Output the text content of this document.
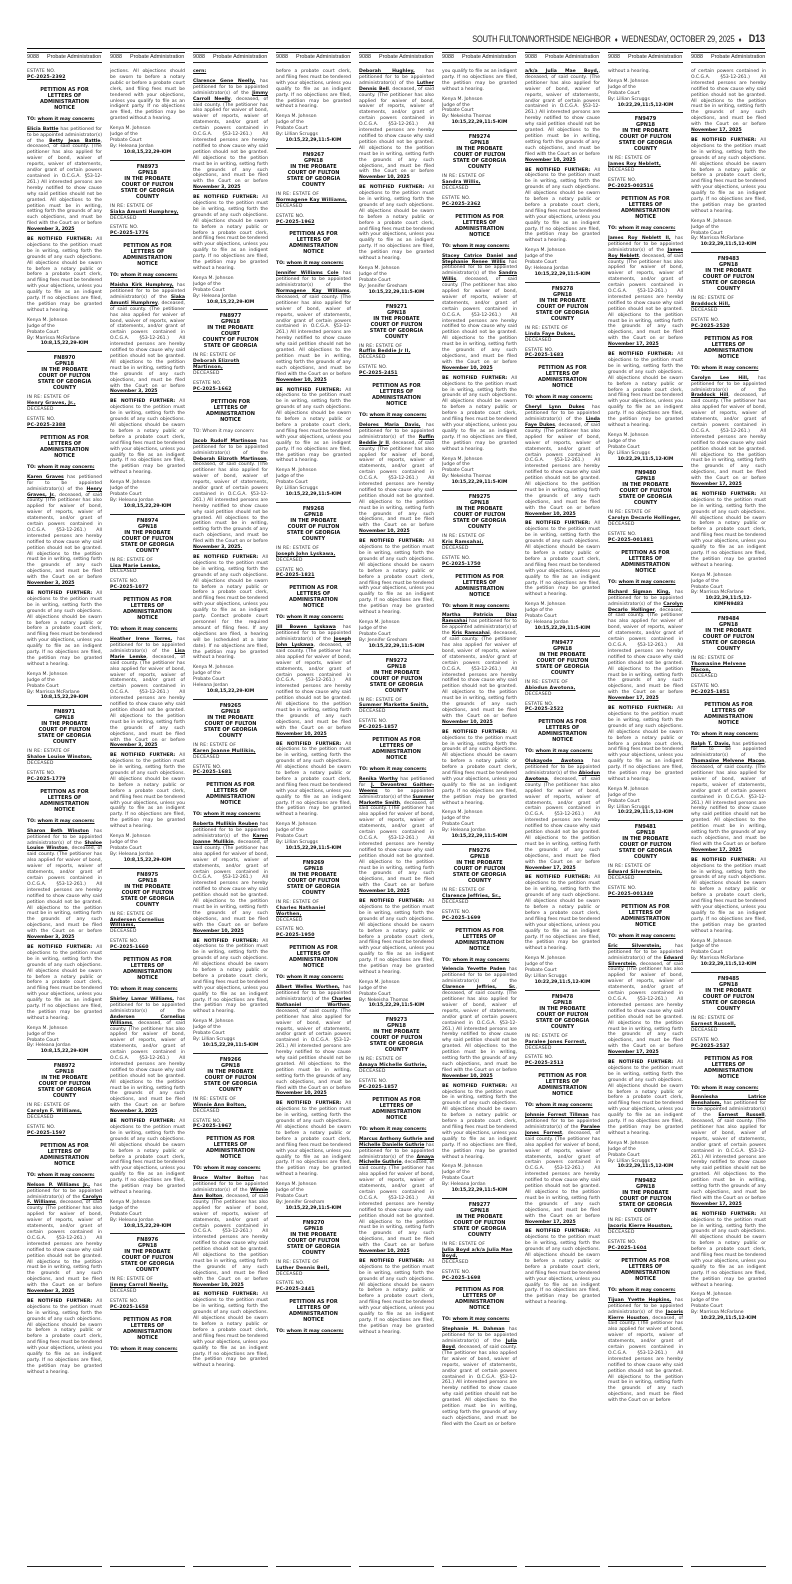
SOUTH FULTON/NORTHSIDE NEIGHBOR ♦ WEDNESDAY, OCTOBER 29, 2025 ♦ D13
9088 Probate Administration
ESTATE NO.
PC-2025-2392
PETITION AS FOR
LETTERS OF
ADMINISTRATION
NOTICE

TO: whom it may concern:

Elicia Battle has petitioned for to be appointed administrator(s) of the Betty Jean Battle, deceased, of said county. (The petitioner has also applied for waiver of bond, waiver of reports, waiver of statements, and/or grant of certain powers contained in O.C.G.A. §53-12-261.) All interested persons are hereby notified to show cause why said petition should not be granted. All objections to the petition must be in writing, setting forth the grounds of any such objections, and must be filed with the Court on or before November 3, 2025

BE NOTIFIED FURTHER: All objections to the petition must be in writing, setting forth the grounds of any such objections. All objections should be sworn to before a notary public or before a probate court clerk, and filing fees must be tendered with your objections, unless you qualify to file as an indigent party. If no objections are filed, the petition may be granted without a hearing.

Kenya M. Johnson
Judge of the
Probate Court
By: Marrissa McFarlane
10:8,15,22,29-KIM
FN8970
GPN18
IN THE PROBATE
COURT OF FULTON
STATE OF GEORGIA
COUNTY
IN RE: ESTATE OF
Henry Graves, Jr.,
DECEASED
ESTATE NO.
PC-2025-2388
PETITION AS FOR
LETTERS OF
ADMINISTRATION
NOTICE

TO: whom it may concern:

Karen Graves has petitioned for to be appointed administrator(s) of the Henry Graves, Jr., deceased, of said county. (The petitioner has also applied for waiver of bond, waiver of reports, waiver of statements, and/or grant of certain powers contained in O.C.G.A. §53-12-261.) All interested persons are hereby notified to show cause why said petition should not be granted. All objections to the petition must be in writing, setting forth the grounds of any such objections, and must be filed with the Court on or before November 3, 2025

BE NOTIFIED FURTHER: All objections to the petition must be in writing, setting forth the grounds of any such objections. All objections should be sworn to before a notary public or before a probate court clerk, and filing fees must be tendered with your objections, unless you qualify to file as an indigent party. If no objections are filed, the petition may be granted without a hearing.

Kenya M. Johnson
Judge of the
Probate Court
By: Marrissa McFarlane
10:8,15,22,29-KIM
FN8971
GPN18
IN THE PROBATE
COURT OF FULTON
STATE OF GEORGIA
COUNTY
IN RE: ESTATE OF
Shaloe Louise Winston,
DECEASED
ESTATE NO.
PC-2025-1779
PETITION AS FOR
LETTERS OF
ADMINISTRATION
NOTICE

TO: whom it may concern:

Sharon Beth Winston has petitioned for to be appointed administrator(s) of the Shaloe Louise Winston, deceased, of said county. (The petitioner has also applied for waiver of bond, waiver of reports, waiver of statements, and/or grant of certain powers contained in O.C.G.A. §53-12-261.) All interested persons are hereby notified to show cause why said petition should not be granted. All objections to the petition must be in writing, setting forth the grounds of any such objections, and must be filed with the Court on or before November 3, 2025

BE NOTIFIED FURTHER: All objections to the petition must be in writing, setting forth the grounds of any such objections. All objections should be sworn to before a notary public or before a probate court clerk, and filing fees must be tendered with your objections, unless you qualify to file as an indigent party. If no objections are filed, the petition may be granted without a hearing.

Kenya M. Johnson
Judge of the
Probate Court
By: Heleana Jordan
10:8,15,22,29-KIM
FN8972
GPN18
IN THE PROBATE
COURT OF FULTON
STATE OF GEORGIA
COUNTY
IN RE: ESTATE OF
Carolyn F. Williams,
DECEASED
ESTATE NO.
PC-2025-1597
PETITION AS FOR
LETTERS OF
ADMINISTRATION
NOTICE

TO: whom it may concern:

Nelson P. Williams Jr., has petitioned for to be appointed administrator(s) of the Carolyn F. Williams, deceased, of said county. (The petitioner has also applied for waiver of bond, waiver of reports, waiver of statements, and/or grant of certain powers contained in O.C.G.A. §53-12-261.) All interested persons are hereby notified to show cause why said petition should not be granted. All objections to the petition must be in writing, setting forth the grounds of any such objections, and must be filed with the Court on or before November 3, 2025

BE NOTIFIED FURTHER: All objections to the petition must be in writing, setting forth the grounds of any such objections. All objections should be sworn to before a notary public or before a probate court clerk, and filing fees must be tendered with your objections, unless you qualify to file as an indigent party. If no objections are filed, the petition may be granted without a hearing.

9088 Probate Administration

jections. All objections should be sworn to before a notary public or before a probate court clerk, and filing fees must be tendered with your objections, unless you qualify to file as an indigent party. If no objections are filed, the petition may be granted without a hearing.

Kenya M. Johnson
Judge of the
Probate Court
By: Heleana Jordan
10:8,15,22,29-KIM
FN8973
GPN18
IN THE PROBATE
COURT OF FULTON
STATE OF GEORGIA
COUNTY
IN RE: ESTATE OF
Siaka Amunti Humphrey,
DECEASED
ESTATE NO.
PC-2025-1776
PETITION AS FOR
LETTERS OF
ADMINISTRATION
NOTICE

TO: whom it may concern:

Maisha Kirk Humphrey, has petitioned for to be appointed administrator(s) of the Siaka Amunti Humphrey, deceased, of said county. (The petitioner has also applied for waiver of bond, waiver of reports, waiver of statements, and/or grant of certain powers contained in O.C.G.A. §53-12-261.) All interested persons are hereby notified to show cause why said petition should not be granted. All objections to the petition must be in writing, setting forth the grounds of any such objections, and must be filed with the Court on or before November 3, 2025

BE NOTIFIED FURTHER: All objections to the petition must be in writing, setting forth the grounds of any such objections. All objections should be sworn to before a notary public or before a probate court clerk, and filing fees must be tendered with your objections, unless you qualify to file as an indigent party. If no objections are filed, the petition may be granted without a hearing.

Kenya M. Johnson
Judge of the
Probate Court
By: Heleana Jordan
10:8,15,22,29-KIM
FN8974
GPN18
IN THE PROBATE
COURT OF FULTON
STATE OF GEORGIA
COUNTY
IN RE: ESTATE OF
Lisa Marie Lemke,
DECEASED
ESTATE NO.
PC-2025-1077
PETITION AS FOR
LETTERS OF
ADMINISTRATION
NOTICE

TO: whom it may concern:

Heather Irene Torres, has petitioned for to be appointed administrator(s) of the Lisa Marie Lemke, deceased, of said county. (The petitioner has also applied for waiver of bond, waiver of reports, waiver of statements, and/or grant of certain powers contained in O.C.G.A. §53-12-261.) All interested persons are hereby notified to show cause why said petition should not be granted. All objections to the petition must be in writing, setting forth the grounds of any such objections, and must be filed with the Court on or before November 3, 2025

BE NOTIFIED FURTHER: All objections to the petition must be in writing, setting forth the grounds of any such objections. All objections should be sworn to before a notary public or before a probate court clerk, and filing fees must be tendered with your objections, unless you qualify to file as an indigent party. If no objections are filed, the petition may be granted without a hearing.

Kenya M. Johnson
Judge of the
Probate Court
By: Heleana Jordan
10:8,15,22,29-KIM
FN8975
GPN18
IN THE PROBATE
COURT OF FULTON
STATE OF GEORGIA
COUNTY
IN RE: ESTATE OF
Andersen Cornelius Williams,
DECEASED
ESTATE NO.
PC-2025-1660
PETITION AS FOR
LETTERS OF
ADMINISTRATION
NOTICE

TO: whom it may concern:

Shirley Lamar Williams, has petitioned for to be appointed administrator(s) of the Andersen Cornelius Williams, deceased, of said county. (The petitioner has also applied for waiver of bond, waiver of reports, waiver of statements, and/or grant of certain powers contained in O.C.G.A. §53-12-261.) All interested persons are hereby notified to show cause why said petition should not be granted. All objections to the petition must be in writing, setting forth the grounds of any such objections, and must be filed with the Court on or before November 3, 2025

BE NOTIFIED FURTHER: All objections to the petition must be in writing, setting forth the grounds of any such objections. All objections should be sworn to before a notary public or before a probate court clerk, and filing fees must be tendered with your objections, unless you qualify to file as an indigent party. If no objections are filed, the petition may be granted without a hearing.

Kenya M. Johnson
Judge of the
Probate Court
By: Heleana Jordan
10:8,15,22,29-KIM
FN8976
GPN18
IN THE PROBATE
COURT OF FULTON
STATE OF GEORGIA
COUNTY
IN RE: ESTATE OF
Jimmy Carroll Neelly,
DECEASED
ESTATE NO.
PC-2025-1658
PETITION AS FOR
LETTERS OF
ADMINISTRATION
NOTICE

TO: whom it may concern:

9088 Probate Administration

cern:

Clarence Gene Neelly, has petitioned for to be appointed administrator(s) of the Jimmy Carroll Neelly, deceased, of said county. (The petitioner has also applied for waiver of bond, waiver of reports, waiver of statements, and/or grant of certain powers contained in O.C.G.A. §53-12-261.) All interested persons are hereby notified to show cause why said petition should not be granted. All objections to the petition must be in writing, setting forth the grounds of any such objections, and must be filed with the Court on or before November 3, 2025

BE NOTIFIED FURTHER: All objections to the petition must be in writing, setting forth the grounds of any such objections. All objections should be sworn to before a notary public or before a probate court clerk, and filing fees must be tendered with your objections, unless you qualify to file as an indigent party. If no objections are filed, the petition may be granted without a hearing.

Kenya M. Johnson
Judge of the
Probate Court
By: Heleana Jordan
10:8,15,22,29-KIM
FN8977
GPN18
IN THE PROBATE
COURT
COUNTY OF FULTON
STATE OF GEORGIA
IN RE: ESTATE OF
Deborah Elizroth Martinson,
DECEASED
ESTATE NO.
PC-2025-1662
PETITION FOR
LETTERS OF
ADMINISTRATION
NOTICE

TO: Whom it may concern:

Jacob Rudolf Martinson has petitioned for to be appointed administrator(s) of the Deborah Elizroth Martinson, deceased, of said county. (The petitioner has also applied for waiver of bond, waiver of reports, waiver of statements, and/or grant of certain powers contained in O.C.G.A. §53-12-261.) All interested persons are hereby notified to show cause why said petition should not be granted. All objections to the petition must be in writing, setting forth the grounds of any such objections, and must be filed with the Court on or before November 3, 2025.

BE NOTIFIED FURTHER: All objections to the petition must be in writing, setting forth the grounds of any such objections. All objections should be sworn to before a notary public or before a probate court clerk, and filing fees must be tendered with your objections, unless you qualify to file as an indigent party. Contact probate court personnel for the required amount of filing fees. If any objections are filed, a hearing will be (scheduled at a later date). If no objections are filed, the petition may be granted without a hearing.

Kenya M. Johnson
Judge of the
Probate Court
Heleana Jordan
10:8,15,22,29-KIM
FN9265
GPN18
IN THE PROBATE
COURT OF FULTON
STATE OF GEORGIA
COUNTY
IN RE: ESTATE OF
Karen Joanne Mullikin,
DECEASED
ESTATE NO.
PC-2025-1681
PETITION AS FOR
LETTERS OF
ADMINISTRATION
NOTICE

TO: whom it may concern:

Roberta Mullikin Reuben has petitioned for to be appointed administrator(s) of the Karen Joanne Mullikin, deceased, of said county. (The petitioner has also applied for waiver of bond, waiver of reports, waiver of statements, and/or grant of certain powers contained in O.C.G.A. §53-12-261.) All interested persons are hereby notified to show cause why said petition should not be granted. All objections to the petition must be in writing, setting forth the grounds of any such objections, and must be filed with the Court on or before November 10, 2025

BE NOTIFIED FURTHER: All objections to the petition must be in writing, setting forth the grounds of any such objections. All objections should be sworn to before a notary public or before a probate court clerk, and filing fees must be tendered with your objections, unless you qualify to file as an indigent party. If no objections are filed, the petition may be granted without a hearing.

Kenya M. Johnson
Judge of the
Probate Court
By: Lillian Scruggs
10:15,22,29,11:5-KIM
FN9266
GPN18
IN THE PROBATE
COURT OF FULTON
STATE OF GEORGIA
COUNTY
IN RE: ESTATE OF
Winnie Ann Bolton,
DECEASED
ESTATE NO.
PC-2025-1967
PETITION AS FOR
LETTERS OF
ADMINISTRATION
NOTICE

TO: whom it may concern:

Bruce Walter Bolton has petitioned for to be appointed administrator(s) of the Winnie Ann Bolton, deceased, of said county. (The petitioner has also applied for waiver of bond, waiver of reports, waiver of statements, and/or grant of certain powers contained in O.C.G.A. §53-12-261.) All interested persons are hereby notified to show cause why said petition should not be granted. All objections to the petition must be in writing, setting forth the grounds of any such objections, and must be filed with the Court on or before November 10, 2025

BE NOTIFIED FURTHER: All objections to the petition must be in writing, setting forth the grounds of any such objections. All objections should be sworn to before a notary public or before a probate court clerk, and filing fees must be tendered with your objections, unless you qualify to file as an indigent party. If no objections are filed, the petition may be granted without a hearing.

9088 Probate Administration

before a probate court clerk, and filing fees must be tendered with your objections, unless you qualify to file as an indigent party. If no objections are filed, the petition may be granted without a hearing.

Kenya M. Johnson
Judge of the
Probate Court
By: Lillian Scruggs
10:15,22,29,11:5-KIM
FN9267
GPN18
IN THE PROBATE
COURT OF FULTON
STATE OF GEORGIA
COUNTY
IN RE: ESTATE OF
Normagene Kay Williams,
DECEASED
ESTATE NO.
PC-2025-1962
PETITION AS FOR
LETTERS OF
ADMINISTRATION
NOTICE

TO: whom it may concern:

Jennifer Williams Cole has petitioned for to be appointed administrator(s) of the Normagene Kay Williams, deceased, of said county. (The petitioner has also applied for waiver of bond, waiver of reports, waiver of statements, and/or grant of certain powers contained in O.C.G.A. §53-12-261.) All interested persons are hereby notified to show cause why said petition should not be granted. All objections to the petition must be in writing, setting forth the grounds of any such objections, and must be filed with the Court on or before November 10, 2025

BE NOTIFIED FURTHER: All objections to the petition must be in writing, setting forth the grounds of any such objections. All objections should be sworn to before a notary public or before a probate court clerk, and filing fees must be tendered with your objections, unless you qualify to file as an indigent party. If no objections are filed, the petition may be granted without a hearing.

Kenya M. Johnson
Judge of the
Probate Court
By: Lillian Scruggs
10:15,22,29,11:5-KIM
FN9268
GPN18
IN THE PROBATE
COURT OF FULTON
STATE OF GEORGIA
COUNTY
IN RE: ESTATE OF
Joseph John Lyskawa,
DECEASED
ESTATE NO.
PC-2025-1821
PETITION AS FOR
LETTERS OF
ADMINISTRATION
NOTICE

TO: whom it may concern:

Jill Bowen Lyskawa has petitioned for to be appointed administrator(s) of the Joseph John Lyskawa, deceased, of said county. (The petitioner has also applied for waiver of bond, waiver of reports, waiver of statements, and/or grant of certain powers contained in O.C.G.A. §53-12-261.) All interested persons are hereby notified to show cause why said petition should not be granted. All objections to the petition must be in writing, setting forth the grounds of any such objections, and must be filed with the Court on or before November 10, 2025

BE NOTIFIED FURTHER: All objections to the petition must be in writing, setting forth the grounds of any such objections. All objections should be sworn to before a notary public or before a probate court clerk, and filing fees must be tendered with your objections, unless you qualify to file as an indigent party. If no objections are filed, the petition may be granted without a hearing.

Kenya M. Johnson
Judge of the
Probate Court
By: Lillian Scruggs
10:15,22,29,11:5-KIM
FN9269
GPN18
IN THE PROBATE
COURT OF FULTON
STATE OF GEORGIA
COUNTY
IN RE: ESTATE OF
Charles Nathaniel Worthen,
DECEASED
ESTATE NO.
PC-2025-1950
PETITION AS FOR
LETTERS OF
ADMINISTRATION
NOTICE

TO: whom it may concern:

Albert Welles Worthen, has petitioned for to be appointed administrator(s) of the Charles Nathaniel Worthen, deceased, of said county. (The petitioner has also applied for waiver of bond, waiver of reports, waiver of statements, and/or grant of certain powers contained in O.C.G.A. §53-12-261.) All interested persons are hereby notified to show cause why said petition should not be granted. All objections to the petition must be in writing, setting forth the grounds of any such objections, and must be filed with the Court on or before November 10, 2025

BE NOTIFIED FURTHER: All objections to the petition must be in writing, setting forth the grounds of any such objections. All objections should be sworn to before a notary public or before a probate court clerk, and filing fees must be tendered with your objections, unless you qualify to file as an indigent party. If no objections are filed, the petition may be granted without a hearing.

Kenya M. Johnson
Judge of the
Probate Court
By: Jennifer Gresham
10:15,22,29,11:5-KIM
FN9270
GPN18
IN THE PROBATE
COURT OF FULTON
STATE OF GEORGIA
COUNTY
IN RE: ESTATE OF
Luther Dennis Bell,
DECEASED
ESTATE NO.
PC-2025-2441
PETITION AS FOR
LETTERS OF
ADMINISTRATION
NOTICE

TO: whom it may concern:

9088 Probate Administration

Deborah Hughley, has petitioned for to be appointed administrator(s) of the Luther Dennis Bell, deceased, of said county. (The petitioner has also applied for waiver of bond, waiver of reports, waiver of statements, and/or grant of certain powers contained in O.C.G.A. §53-12-261.) All interested persons are hereby notified to show cause why said petition should not be granted. All objections to the petition must be in writing, setting forth the grounds of any such objections, and must be filed with the Court on or before November 10, 2025

BE NOTIFIED FURTHER: All objections to the petition must be in writing, setting forth the grounds of any such objections. All objections should be sworn to before a notary public or before a probate court clerk, and filing fees must be tendered with your objections, unless you qualify to file as an indigent party. If no objections are filed, the petition may be granted without a hearing.

Kenya M. Johnson
Judge of the
Probate Court
By: Jennifer Gresham
10:15,22,29,11:5-KIM
FN9271
GPN18
IN THE PROBATE
COURT OF FULTON
STATE OF GEORGIA
COUNTY
IN RE: ESTATE OF
Ruffin Beddie Jr II,
DECEASED
ESTATE NO.
PC-2025-2451
PETITION AS FOR
LETTERS OF
ADMINISTRATION
NOTICE

TO: whom it may concern:

Delores Maria Davis, has petitioned for to be appointed administrator(s) of the Ruffin Beddie Jr II, deceased, of said county. (The petitioner has also applied for waiver of bond, waiver of reports, waiver of statements, and/or grant of certain powers contained in O.C.G.A. §53-12-261.) All interested persons are hereby notified to show cause why said petition should not be granted. All objections to the petition must be in writing, setting forth the grounds of any such objections, and must be filed with the Court on or before November 10, 2025

BE NOTIFIED FURTHER: All objections to the petition must be in writing, setting forth the grounds of any such objections. All objections should be sworn to before a notary public or before a probate court clerk, and filing fees must be tendered with your objections, unless you qualify to file as an indigent party. If no objections are filed, the petition may be granted without a hearing.

Kenya M. Johnson
Judge of the
Probate Court
By: Jennifer Gresham
10:15,22,29,11:5-KIM
FN9272
GPN18
IN THE PROBATE
COURT OF FULTON
STATE OF GEORGIA
COUNTY
IN RE: ESTATE OF
Summer Markette Smith,
DECEASED
ESTATE NO.
PC-2025-1857
PETITION AS FOR
LETTERS OF
ADMINISTRATION
NOTICE

TO: whom it may concern:

Renika Worthy has petitioned for J. Devontrez Gaither-Weems to be appointed administrator(s) of the Summer Markette Smith, deceased, of said county. (The petitioner has also applied for waiver of bond, waiver of reports, waiver of statements, and/or grant of certain powers contained in O.C.G.A. §53-12-261.) All interested persons are hereby notified to show cause why said petition should not be granted. All objections to the petition must be in writing, setting forth the grounds of any such objections, and must be filed with the Court on or before November 10, 2025

BE NOTIFIED FURTHER: All objections to the petition must be in writing, setting forth the grounds of any such objections. All objections should be sworn to before a notary public or before a probate court clerk, and filing fees must be tendered with your objections, unless you qualify to file as an indigent party. If no objections are filed, the petition may be granted without a hearing.

Kenya M. Johnson
Judge of the
Probate Court
By: Nekeisha Thomas
10:15,22,29,11:5-KIM
FN9273
GPN18
IN THE PROBATE
COURT OF FULTON
STATE OF GEORGIA
COUNTY
IN RE: ESTATE OF
Amaya Michelle Guthrie,
DECEASED
ESTATE NO.
PC-2025-1857
PETITION AS FOR
LETTERS OF
ADMINISTRATION
NOTICE

TO: whom it may concern:

Marcus Anthony Guthrie and Michelle Danielle Guthrie has petitioned for to be appointed administrator(s) of the Amaya Michelle Guthrie, deceased, of said county. (The petitioner has also applied for waiver of bond, waiver of reports, waiver of statements, and/or grant of certain powers contained in O.C.G.A. §53-12-261.) All interested persons are hereby notified to show cause why said petition should not be granted. All objections to the petition must be in writing, setting forth the grounds of any such objections, and must be filed with the Court on or before November 10, 2025

BE NOTIFIED FURTHER: All objections to the petition must be in writing, setting forth the grounds of any such objections. All objections should be sworn to before a notary public or before a probate court clerk, and filing fees must be tendered with your objections, unless you qualify to file as an indigent party. If no objections are filed, the petition may be granted without a hearing.

9088 Probate Administration

you qualify to file as an indigent party. If no objections are filed, the petition may be granted without a hearing.

Kenya M. Johnson
Judge of the
Probate Court
By: Nekeisha Thomas
10:15,22,29,11:5-KIM
FN9274
GPN18
IN THE PROBATE
COURT OF FULTON
STATE OF GEORGIA
COUNTY
IN RE: ESTATE OF
Sandra Willis,
DECEASED
ESTATE NO.
PC-2025-2362
PETITION AS FOR
LETTERS OF
ADMINISTRATION
NOTICE

TO: whom it may concern:

Stacey Catrice Daniel and Stephanie Renee Willis has petitioned for to be appointed administrator(s) of the Sandra Willis, deceased, of said county. (The petitioner has also applied for waiver of bond, waiver of reports, waiver of statements, and/or grant of certain powers contained in O.C.G.A. §53-12-261.) All interested persons are hereby notified to show cause why said petition should not be granted. All objections to the petition must be in writing, setting forth the grounds of any such objections, and must be filed with the Court on or before November 10, 2025

BE NOTIFIED FURTHER: All objections to the petition must be in writing, setting forth the grounds of any such objections. All objections should be sworn to before a notary public or before a probate court clerk, and filing fees must be tendered with your objections, unless you qualify to file as an indigent party. If no objections are filed, the petition may be granted without a hearing.

Kenya M. Johnson
Judge of the
Probate Court
By: Nekeisha Thomas
10:15,22,29,11:5-KIM
FN9275
GPN18
IN THE PROBATE
COURT OF FULTON
STATE OF GEORGIA
COUNTY
IN RE: ESTATE OF
Kris Ramsahai,
DECEASED
ESTATE NO.
PC-2025-1750
PETITION AS FOR
LETTERS OF
ADMINISTRATION
NOTICE

TO: whom it may concern:

Martha Patricia Diaz Ramsahai has petitioned for to be appointed administrator(s) of the Kris Ramsahai, deceased, of said county. (The petitioner has also applied for waiver of bond, waiver of reports, waiver of statements, and/or grant of certain powers contained in O.C.G.A. §53-12-261.) All interested persons are hereby notified to show cause why said petition should not be granted. All objections to the petition must be in writing, setting forth the grounds of any such objections, and must be filed with the Court on or before November 10, 2025

BE NOTIFIED FURTHER: All objections to the petition must be in writing, setting forth the grounds of any such objections. All objections should be sworn to before a notary public or before a probate court clerk, and filing fees must be tendered with your objections, unless you qualify to file as an indigent party. If no objections are filed, the petition may be granted without a hearing.

Kenya M. Johnson
Judge of the
Probate Court
By: Heleana Jordan
10:15,22,29,11:5-KIM
FN9276
GPN18
IN THE PROBATE
COURT OF FULTON
STATE OF GEORGIA
COUNTY
IN RE: ESTATE OF
Clarence Jeffries, Sr.,
DECEASED
ESTATE NO.
PC-2025-1699
PETITION AS FOR
LETTERS OF
ADMINISTRATION
NOTICE

TO: whom it may concern:

Velencia Yevette Paden has petitioned for to be appointed administrator(s) of the Clarence Jeffries, Sr., deceased, of said county. (The petitioner has also applied for waiver of bond, waiver of reports, waiver of statements, and/or grant of certain powers contained in O.C.G.A. §53-12-261.) All interested persons are hereby notified to show cause why said petition should not be granted. All objections to the petition must be in writing, setting forth the grounds of any such objections, and must be filed with the Court on or before November 10, 2025

BE NOTIFIED FURTHER: All objections to the petition must be in writing, setting forth the grounds of any such objections. All objections should be sworn to before a notary public or before a probate court clerk, and filing fees must be tendered with your objections, unless you qualify to file as an indigent party. If no objections are filed, the petition may be granted without a hearing.

Kenya M. Johnson
Judge of the
Probate Court
By: Heleana Jordan
10:15,22,29,11:5-KIM
FN9277
GPN18
IN THE PROBATE
COURT OF FULTON
STATE OF GEORGIA
COUNTY
IN RE: ESTATE OF
Julia Boyd a/k/a Julia Mae Boyd,
DECEASED
ESTATE NO.
PC-2025-1698
PETITION AS FOR
LETTERS OF
ADMINISTRATION
NOTICE

TO: whom it may concern:

Stephanie M. Dahman has petitioned for to be appointed administrator(s) of the Julia Boyd, deceased, of said county. (The petitioner has also applied for waiver of bond, waiver of reports, waiver of statements, and/or grant of certain powers contained in O.C.G.A. §53-12-261.) All interested persons are hereby notified to show cause why said petition should not be granted. All objections to the petition must be in writing, setting forth the grounds of any such objections, and must be filed with the Court on or before

9088 Probate Administration

a/k/a Julia Mae Boyd,, deceased, of said county. (The petitioner has also applied for waiver of bond, waiver of reports, waiver of statements, and/or grant of certain powers contained in O.C.G.A. §53-12-261.) All interested persons are hereby notified to show cause why said petition should not be granted. All objections to the petition must be in writing, setting forth the grounds of any such objections, and must be filed with the Court on or before November 10, 2025

BE NOTIFIED FURTHER: All objections to the petition must be in writing, setting forth the grounds of any such objections. All objections should be sworn to before a notary public or before a probate court clerk, and filing fees must be tendered with your objections, unless you qualify to file as an indigent party. If no objections are filed, the petition may be granted without a hearing.

Kenya M. Johnson
Judge of the
Probate Court
By: Heleana Jordan
10:15,22,29,11:5-KIM
FN9278
GPN18
IN THE PROBATE
COURT OF FULTON
STATE OF GEORGIA
COUNTY
IN RE: ESTATE OF
Linda Faye Dukes,
DECEASED
ESTATE NO.
PC-2025-1683
PETITION AS FOR
LETTERS OF
ADMINISTRATION
NOTICE

TO: whom it may concern:

Cheryl Lynn Dukes has petitioned for to be appointed administrator(s) of the Linda Faye Dukes, deceased, of said county. (The petitioner has also applied for waiver of bond, waiver of reports, waiver of statements, and/or grant of certain powers contained in O.C.G.A. §53-12-261.) All interested persons are hereby notified to show cause why said petition should not be granted. All objections to the petition must be in writing, setting forth the grounds of any such objections, and must be filed with the Court on or before November 10, 2025

BE NOTIFIED FURTHER: All objections to the petition must be in writing, setting forth the grounds of any such objections. All objections should be sworn to before a notary public or before a probate court clerk, and filing fees must be tendered with your objections, unless you qualify to file as an indigent party. If no objections are filed, the petition may be granted without a hearing.

Kenya M. Johnson
Judge of the
Probate Court
By: Heleana Jordan
10:15,22,29,11:5-KIM
FN9477
GPN18
IN THE PROBATE
COURT OF FULTON
STATE OF GEORGIA
COUNTY
IN RE: ESTATE OF
Abiodun Awotona,
DECEASED
ESTATE NO.
PC-2025-2522
PETITION AS FOR
LETTERS OF
ADMINISTRATION
NOTICE

TO: whom it may concern:

Olukayode Awotona has petitioned for to be appointed administrator(s) of the Abiodun Awotona, deceased, of said county. (The petitioner has also applied for waiver of bond, waiver of reports, waiver of statements, and/or grant of certain powers contained in O.C.G.A. §53-12-261.) All interested persons are hereby notified to show cause why said petition should not be granted. All objections to the petition must be in writing, setting forth the grounds of any such objections, and must be filed with the Court on or before November 17, 2025

BE NOTIFIED FURTHER: All objections to the petition must be in writing, setting forth the grounds of any such objections. All objections should be sworn to before a notary public or before a probate court clerk, and filing fees must be tendered with your objections, unless you qualify to file as an indigent party. If no objections are filed, the petition may be granted without a hearing.

Kenya M. Johnson
Judge of the
Probate Court
By: Lillian Scruggs
10:22,29,11:5,12-KIM
FN9478
GPN18
IN THE PROBATE
COURT OF FULTON
STATE OF GEORGIA
COUNTY
IN RE: ESTATE OF
Paralee Jones Forrest,
DECEASED
ESTATE NO.
PC-2025-2513
PETITION AS FOR
LETTERS OF
ADMINISTRATION
NOTICE

TO: whom it may concern:

Johnnie Forrest Tillman has petitioned for to be appointed administrator(s) of the Paralee Jones Forrest, deceased, of said county. (The petitioner has also applied for waiver of bond, waiver of reports, waiver of statements, and/or grant of certain powers contained in O.C.G.A. §53-12-261.) All interested persons are hereby notified to show cause why said petition should not be granted. All objections to the petition must be in writing, setting forth the grounds of any such objections, and must be filed with the Court on or before November 17, 2025

BE NOTIFIED FURTHER: All objections to the petition must be in writing, setting forth the grounds of any such objections. All objections should be sworn to before a notary public or before a probate court clerk, and filing fees must be tendered with your objections, unless you qualify to file as an indigent party. If no objections are filed, the petition may be granted without a hearing.

9088 Probate Administration

without a hearing.

Kenya M. Johnson
Judge of the
Probate Court
By: Lillian Scruggs
10:22,29,11:5,12-KIM
FN9479
GPN18
IN THE PROBATE
COURT OF FULTON
STATE OF GEORGIA
COUNTY
IN RE: ESTATE OF
James Roy Neblett,
DECEASED
ESTATE NO.
PC-2025-002516
PETITION AS FOR
LETTERS OF
ADMINISTRATION
NOTICE

TO: whom it may concern:

James Roy Neblett II, has petitioned for to be appointed administrator(s) of the James Roy Neblett, deceased, of said county. (The petitioner has also applied for waiver of bond, waiver of reports, waiver of statements, and/or grant of certain powers contained in O.C.G.A. §53-12-261.) All interested persons are hereby notified to show cause why said petition should not be granted. All objections to the petition must be in writing, setting forth the grounds of any such objections, and must be filed with the Court on or before November 17, 2025

BE NOTIFIED FURTHER: All objections to the petition must be in writing, setting forth the grounds of any such objections. All objections should be sworn to before a notary public or before a probate court clerk, and filing fees must be tendered with your objections, unless you qualify to file as an indigent party. If no objections are filed, the petition may be granted without a hearing.

Kenya M. Johnson
Judge of the
Probate Court
By: Lillian Scruggs
10:22,29,11:5,12-KIM
FN9480
GPN18
IN THE PROBATE
COURT OF FULTON
STATE OF GEORGIA
COUNTY
IN RE: ESTATE OF
Carolyn Decarlo Hollinger,
DECEASED
ESTATE NO.
PC-2025-001881
PETITION AS FOR
LETTERS OF
ADMINISTRATION
NOTICE

TO: whom it may concern:

Richard Sigman King, has petitioned for to be appointed administrator(s) of the Carolyn Decarlo Hollinger, deceased, of said county. (The petitioner has also applied for waiver of bond, waiver of reports, waiver of statements, and/or grant of certain powers contained in O.C.G.A. §53-12-261.) All interested persons are hereby notified to show cause why said petition should not be granted. All objections to the petition must be in writing, setting forth the grounds of any such objections, and must be filed with the Court on or before November 17, 2025

BE NOTIFIED FURTHER: All objections to the petition must be in writing, setting forth the grounds of any such objections. All objections should be sworn to before a notary public or before a probate court clerk, and filing fees must be tendered with your objections, unless you qualify to file as an indigent party. If no objections are filed, the petition may be granted without a hearing.

Kenya M. Johnson
Judge of the
Probate Court
By: Lillian Scruggs
10:22,29,11:5,12-KIM
FN9481
GPN18
IN THE PROBATE
COURT OF FULTON
STATE OF GEORGIA
COUNTY
IN RE: ESTATE OF
Edward Silverstein,
DECEASED
ESTATE NO.
PC-2025-001349
PETITION AS FOR
LETTERS OF
ADMINISTRATION
NOTICE

TO: whom it may concern:

Eric Silverstein, has petitioned for to be appointed administrator(s) of the Edward Silverstein, deceased, of said county. (The petitioner has also applied for waiver of bond, waiver of reports, waiver of statements, and/or grant of certain powers contained in O.C.G.A. §53-12-261.) All interested persons are hereby notified to show cause why said petition should not be granted. All objections to the petition must be in writing, setting forth the grounds of any such objections, and must be filed with the Court on or before November 17, 2025

BE NOTIFIED FURTHER: All objections to the petition must be in writing, setting forth the grounds of any such objections. All objections should be sworn to before a notary public or before a probate court clerk, and filing fees must be tendered with your objections, unless you qualify to file as an indigent party. If no objections are filed, the petition may be granted without a hearing.

Kenya M. Johnson
Judge of the
Probate Court
By: Lillian Scruggs
10:22,29,11:5,12-KIM
FN9482
GPN18
IN THE PROBATE
COURT OF FULTON
STATE OF GEORGIA
COUNTY
IN RE: ESTATE OF
Jacoris Kierre Houston,
DECEASED
ESTATE NO.
PC-2025-1604
PETITION AS FOR
LETTERS OF
ADMINISTRATION
NOTICE

TO: whom it may concern:

Tijuan Yvette Hopkins, has petitioned for to be appointed administrator(s) of the Jacoris Kierre Houston, deceased, of said county. (The petitioner has also applied for waiver of bond, waiver of reports, waiver of statements, and/or grant of certain powers contained in O.C.G.A. §53-12-261.) All interested persons are hereby notified to show cause why said petition should not be granted. All objections to the petition must be in writing, setting forth the grounds of any such objections, and must be filed with the Court on or before

9088 Probate Administration

of certain powers contained in O.C.G.A. §53-12-261.) All interested persons are hereby notified to show cause why said petition should not be granted. All objections to the petition must be in writing, setting forth the grounds of any such objections, and must be filed with the Court on or before November 17, 2025

BE NOTIFIED FURTHER: All objections to the petition must be in writing, setting forth the grounds of any such objections. All objections should be sworn to before a notary public or before a probate court clerk, and filing fees must be tendered with your objections, unless you qualify to file as an indigent party. If no objections are filed, the petition may be granted without a hearing.

Kenya M. Johnson
Judge of the
Probate Court
By: Marrissa McFarlane
10:22,29,11:5,12-KIM
FN9483
GPN18
IN THE PROBATE
COURT OF FULTON
STATE OF GEORGIA
COUNTY
IN RE: ESTATE OF
Braddock Hill,
DECEASED
ESTATE NO.
PC-2025-2520
PETITION AS FOR
LETTERS OF
ADMINISTRATION
NOTICE

TO: whom it may concern:

Carolyn Lee Hill, has petitioned for to be appointed administrator(s) of the Braddock Hill, deceased, of said county. (The petitioner has also applied for waiver of bond, waiver of reports, waiver of statements, and/or grant of certain powers contained in O.C.G.A. §53-12-261.) All interested persons are hereby notified to show cause why said petition should not be granted. All objections to the petition must be in writing, setting forth the grounds of any such objections, and must be filed with the Court on or before November 17, 2025

BE NOTIFIED FURTHER: All objections to the petition must be in writing, setting forth the grounds of any such objections. All objections should be sworn to before a notary public or before a probate court clerk, and filing fees must be tendered with your objections, unless you qualify to file as an indigent party. If no objections are filed, the petition may be granted without a hearing.

Kenya M. Johnson
Judge of the
Probate Court
By: Marrissa McFarlane
10:22,29,11:5,12-KIMFN9483
FN9484
GPN18
IN THE PROBATE
COURT OF FULTON
STATE OF GEORGIA
COUNTY
IN RE: ESTATE OF
Thomasine Melvene Macon,
DECEASED
ESTATE NO.
PC-2025-1851
PETITION AS FOR
LETTERS OF
ADMINISTRATION
NOTICE

TO: whom it may concern:

Ralph T. Davis, has petitioned for to be appointed administrator(s) of the Thomasine Melvene Macon, deceased, of said county. (The petitioner has also applied for waiver of bond, waiver of reports, waiver of statements, and/or grant of certain powers contained in O.C.G.A. §53-12-261.) All interested persons are hereby notified to show cause why said petition should not be granted. All objections to the petition must be in writing, setting forth the grounds of any such objections, and must be filed with the Court on or before November 17, 2025

BE NOTIFIED FURTHER: All objections to the petition must be in writing, setting forth the grounds of any such objections. All objections should be sworn to before a notary public or before a probate court clerk, and filing fees must be tendered with your objections, unless you qualify to file as an indigent party. If no objections are filed, the petition may be granted without a hearing.

Kenya M. Johnson
Judge of the
Probate Court
By: Marrissa McFarlane
10:22,29,11:5,12-KIM
FN9485
GPN18
IN THE PROBATE
COURT OF FULTON
STATE OF GEORGIA
COUNTY
IN RE: ESTATE OF
Earnest Russell,
DECEASED
ESTATE NO.
PC-2025-2537
PETITION AS FOR
LETTERS OF
ADMINISTRATION
NOTICE

TO: whom it may concern:

Bonniesha Latrice Benshalom, has petitioned for to be appointed administrator(s) of the Earnest Russell, deceased, of said county. (The petitioner has also applied for waiver of bond, waiver of reports, waiver of statements, and/or grant of certain powers contained in O.C.G.A. §53-12-261.) All interested persons are hereby notified to show cause why said petition should not be granted. All objections to the petition must be in writing, setting forth the grounds of any such objections, and must be filed with the Court on or before November 17, 2025

BE NOTIFIED FURTHER: All objections to the petition must be in writing, setting forth the grounds of any such objections. All objections should be sworn to before a notary public or before a probate court clerk, and filing fees must be tendered with your objections, unless you qualify to file as an indigent party. If no objections are filed, the petition may be granted without a hearing.

Kenya M. Johnson
Judge of the
Probate Court
By: Marrissa McFarlane
10:22,29,11:5,12-KIM
